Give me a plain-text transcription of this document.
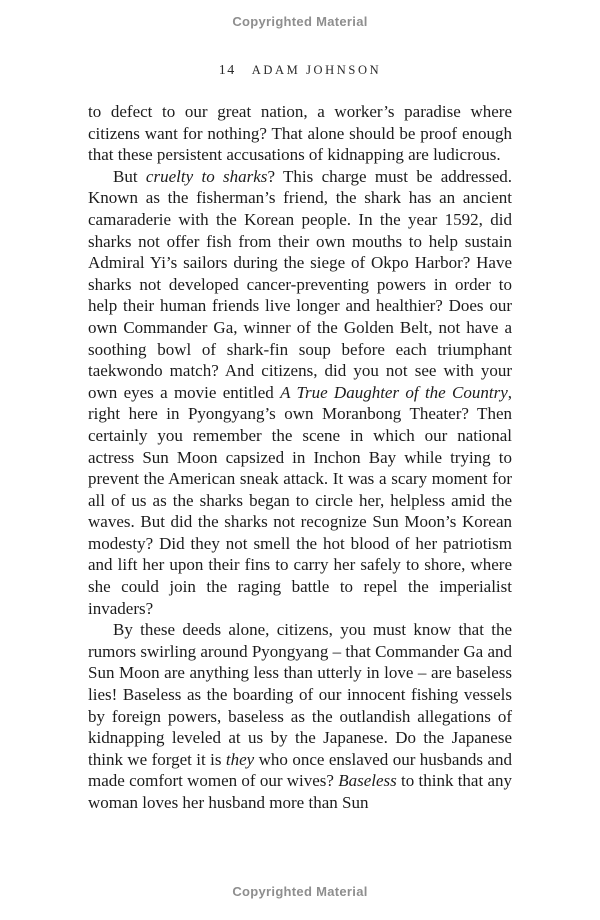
Copyrighted Material
14 ADAM JOHNSON

to defect to our great nation, a worker’s paradise where citizens want for nothing? That alone should be proof enough that these persistent accusations of kidnapping are ludicrous.

But cruelty to sharks? This charge must be addressed. Known as the fisherman’s friend, the shark has an ancient camaraderie with the Korean people. In the year 1592, did sharks not offer fish from their own mouths to help sustain Admiral Yi’s sailors during the siege of Okpo Harbor? Have sharks not developed cancer-preventing powers in order to help their human friends live longer and healthier? Does our own Commander Ga, winner of the Golden Belt, not have a soothing bowl of shark-fin soup before each triumphant taekwondo match? And citizens, did you not see with your own eyes a movie entitled A True Daughter of the Country, right here in Pyongyang’s own Moranbong Theater? Then certainly you remember the scene in which our national actress Sun Moon capsized in Inchon Bay while trying to prevent the American sneak attack. It was a scary moment for all of us as the sharks began to circle her, helpless amid the waves. But did the sharks not recognize Sun Moon’s Korean modesty? Did they not smell the hot blood of her patriotism and lift her upon their fins to carry her safely to shore, where she could join the raging battle to repel the imperialist invaders?

By these deeds alone, citizens, you must know that the rumors swirling around Pyongyang – that Commander Ga and Sun Moon are anything less than utterly in love – are baseless lies! Baseless as the boarding of our innocent fishing vessels by foreign powers, baseless as the outlandish allegations of kidnapping leveled at us by the Japanese. Do the Japanese think we forget it is they who once enslaved our husbands and made comfort women of our wives? Baseless to think that any woman loves her husband more than Sun

Copyrighted Material
